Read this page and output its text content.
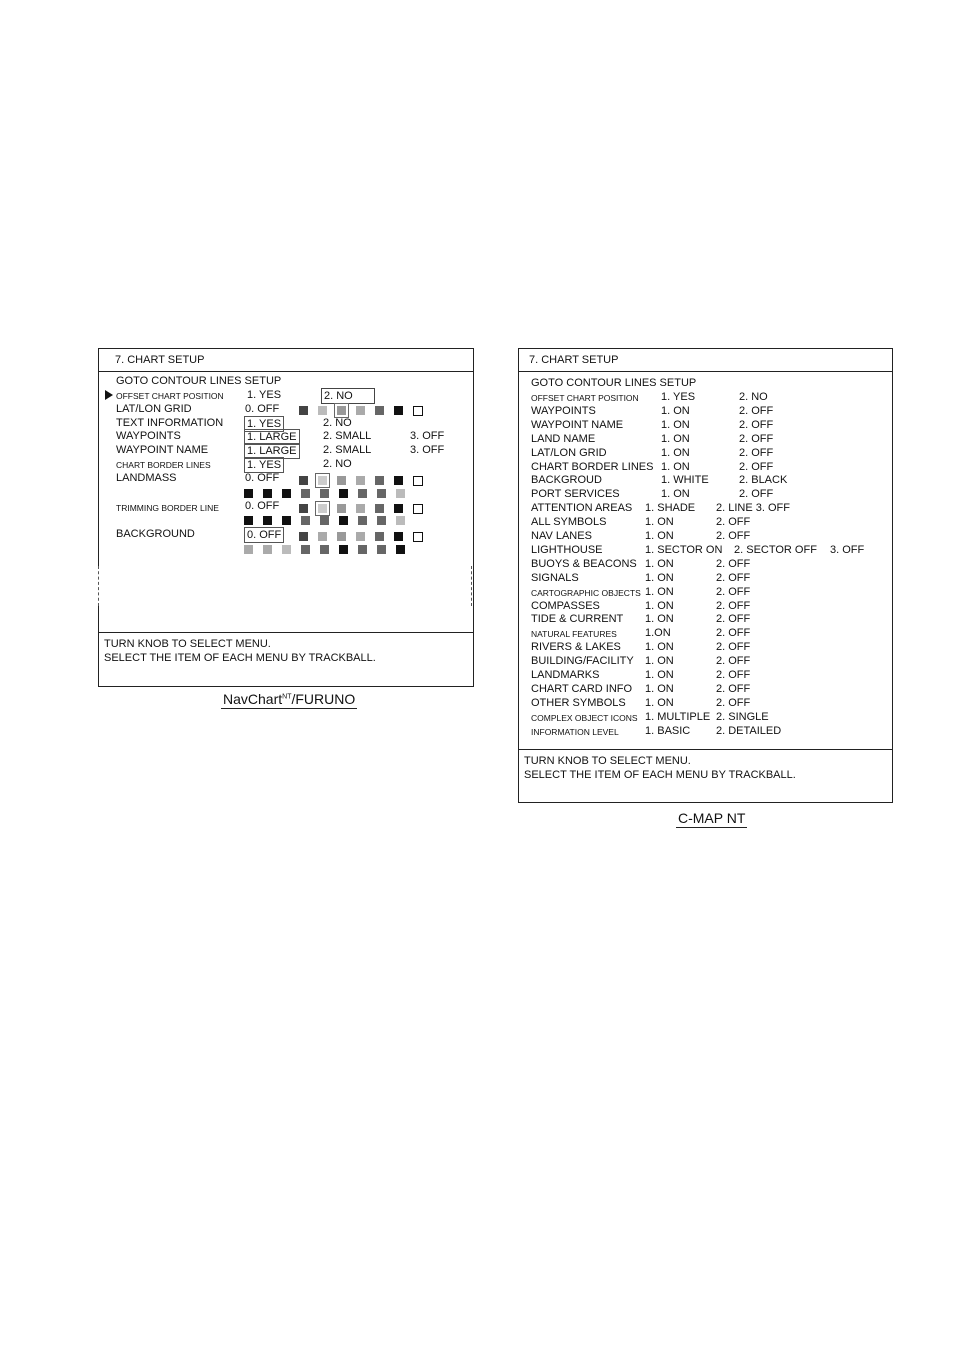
7. CHART SETUP
GOTO CONTOUR LINES SETUP
OFFSET CHART POSITION 1. YES	2. NO
LAT/LON GRID	0. OFF
TEXT INFORMATION 1. YES	2. NO
WAYPOINTS	1. LARGE 2. SMALL	3. OFF
WAYPOINT NAME	1. LARGE 2. SMALL	3. OFF
CHART BORDER LINES	1. YES	2. NO
LANDMASS	0. OFF
TRIMMING BORDER LINE 0. OFF
BACKGROUND	0. OFF
TURN KNOB TO SELECT MENU.
SELECT THE ITEM OF EACH MENU BY TRACKBALL.
NavChart$^{NT}$/FURUNO
7. CHART SETUP
GOTO CONTOUR LINES SETUP
OFFSET CHART POSITION 1. YES	2. NO
WAYPOINTS	1. ON	2. OFF
WAYPOINT NAME	1. ON	2. OFF
LAND NAME	1. ON	2. OFF
LAT/LON GRID	1. ON	2. OFF
CHART BORDER LINES 1. ON	2. OFF
BACKGROUD	1. WHITE	2. BLACK
PORT SERVICES	1. ON	2. OFF
ATTENTION AREAS 1. SHADE 2. LINE 3. OFF
ALL SYMBOLS	1. ON	2. OFF
NAV LANES	1. ON	2. OFF
LIGHTHOUSE	1. SECTOR ON 2. SECTOR OFF 3. OFF
BUOYS & BEACONS 1. ON	2. OFF
SIGNALS	1. ON	2. OFF
CARTOGRAPHIC OBJECTS 1. ON	2. OFF
COMPASSES	1. ON	2. OFF
TIDE & CURRENT 1. ON	2. OFF
NATURAL FEATURES	1.ON	2. OFF
RIVERS & LAKES 1. ON	2. OFF
BUILDING/FACILITY 1. ON	2. OFF
LANDMARKS	1. ON	2. OFF
CHART CARD INFO 1. ON	2. OFF
OTHER SYMBOLS 1. ON	2. OFF
COMPLEX OBJECT ICONS 1. MULTIPLE 2. SINGLE
INFORMATION LEVEL 1. BASIC 2. DETAILED
TURN KNOB TO SELECT MENU.
SELECT THE ITEM OF EACH MENU BY TRACKBALL.
C-MAP NT
